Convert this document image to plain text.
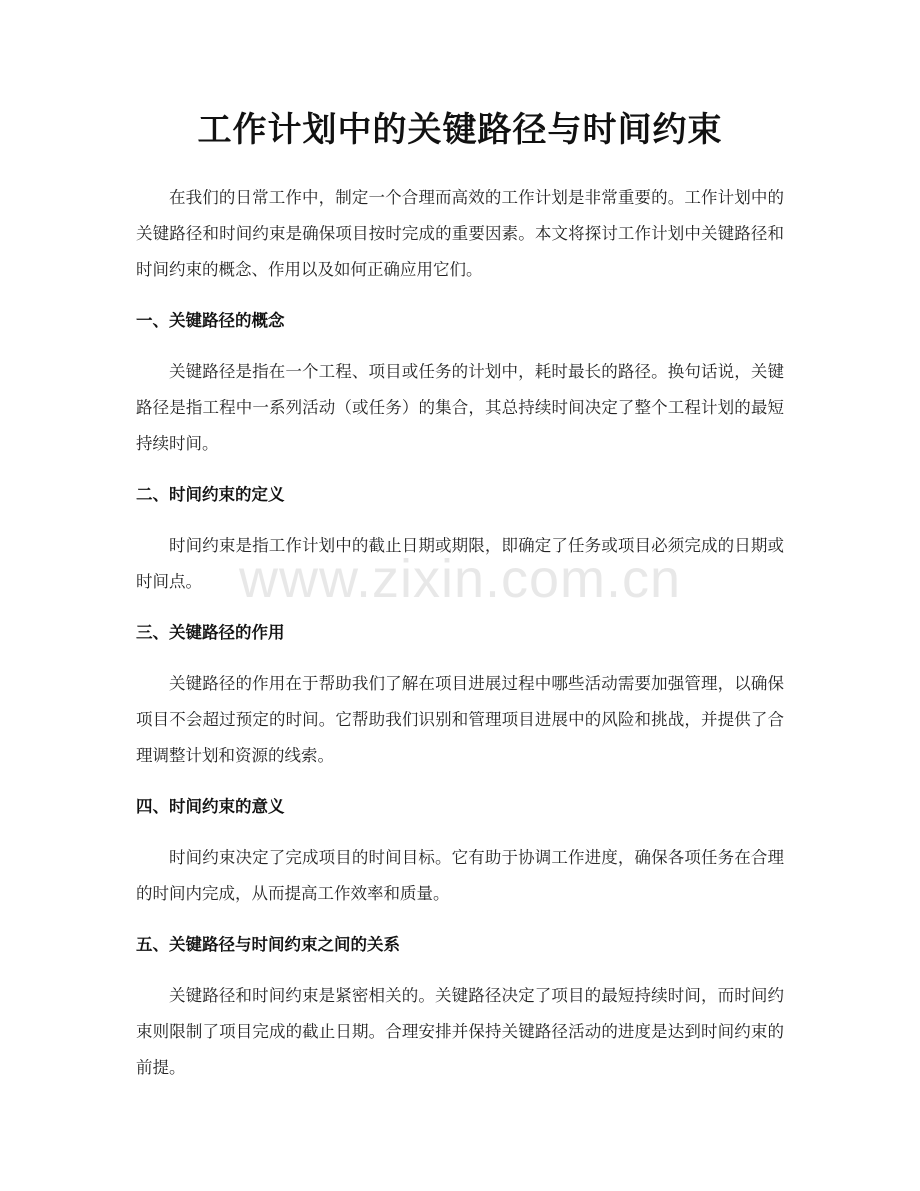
工作计划中的关键路径与时间约束

在我们的日常工作中，制定一个合理而高效的工作计划是非常重要的。工作计划中的关键路径和时间约束是确保项目按时完成的重要因素。本文将探讨工作计划中关键路径和时间约束的概念、作用以及如何正确应用它们。

一、关键路径的概念

关键路径是指在一个工程、项目或任务的计划中，耗时最长的路径。换句话说，关键路径是指工程中一系列活动（或任务）的集合，其总持续时间决定了整个工程计划的最短持续时间。

二、时间约束的定义

时间约束是指工作计划中的截止日期或期限，即确定了任务或项目必须完成的日期或时间点。

三、关键路径的作用

关键路径的作用在于帮助我们了解在项目进展过程中哪些活动需要加强管理，以确保项目不会超过预定的时间。它帮助我们识别和管理项目进展中的风险和挑战，并提供了合理调整计划和资源的线索。

四、时间约束的意义

时间约束决定了完成项目的时间目标。它有助于协调工作进度，确保各项任务在合理的时间内完成，从而提高工作效率和质量。

五、关键路径与时间约束之间的关系

关键路径和时间约束是紧密相关的。关键路径决定了项目的最短持续时间，而时间约束则限制了项目完成的截止日期。合理安排并保持关键路径活动的进度是达到时间约束的前提。

www.zixin.com.cn
